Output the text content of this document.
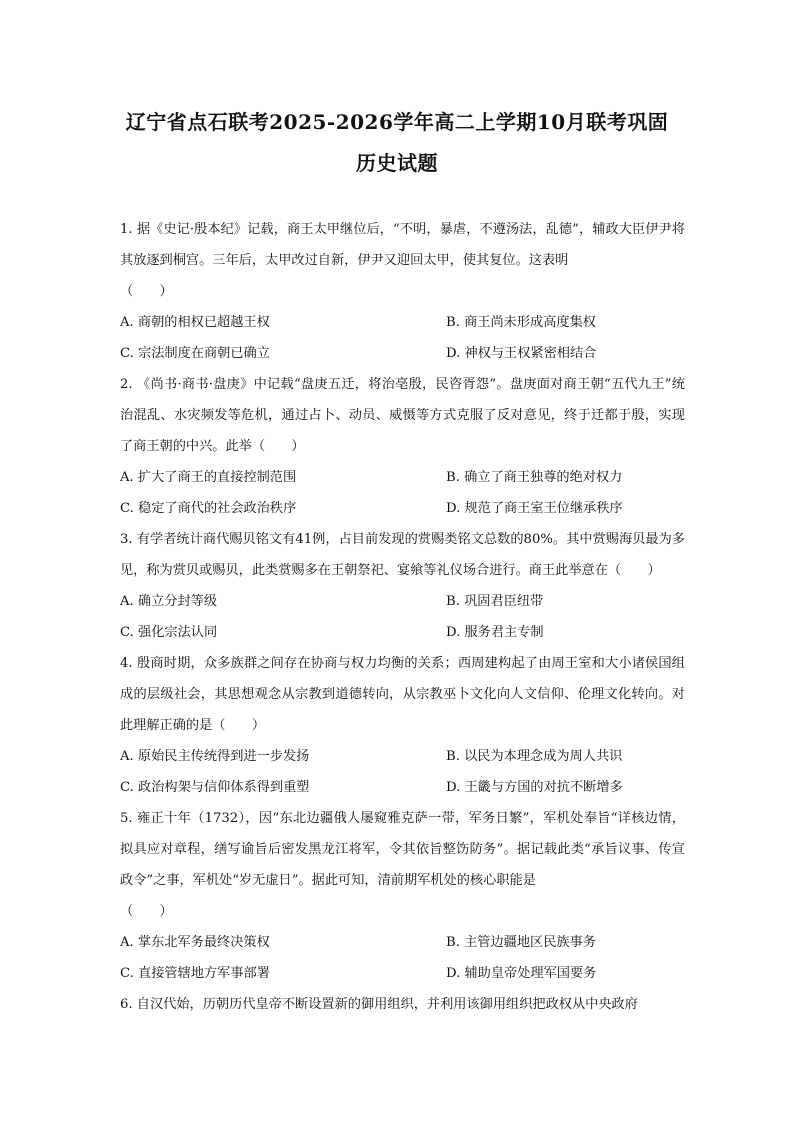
辽宁省点石联考2025-2026学年高二上学期10月联考巩固
历史试题

1. 据《史记·殷本纪》记载，商王太甲继位后，“不明，暴虐，不遵汤法，乱德”，辅政大臣伊尹将其放逐到桐宫。三年后，太甲改过自新，伊尹又迎回太甲，使其复位。这表明

（　　）

A. 商朝的相权已超越王权	B. 商王尚未形成高度集权
C. 宗法制度在商朝已确立	D. 神权与王权紧密相结合

2. 《尚书·商书·盘庚》中记载“盘庚五迁，将治亳殷，民咨胥怨”。盘庚面对商王朝“五代九王”统治混乱、水灾频发等危机，通过占卜、动员、威慑等方式克服了反对意见，终于迁都于殷，实现了商王朝的中兴。此举（　　）

A. 扩大了商王的直接控制范围	B. 确立了商王独尊的绝对权力
C. 稳定了商代的社会政治秩序	D. 规范了商王室王位继承秩序

3. 有学者统计商代赐贝铭文有41例，占目前发现的赏赐类铭文总数的80%。其中赏赐海贝最为多见，称为赏贝或赐贝，此类赏赐多在王朝祭祀、宴飨等礼仪场合进行。商王此举意在（　　）

A. 确立分封等级	B. 巩固君臣纽带
C. 强化宗法认同	D. 服务君主专制

4. 殷商时期，众多族群之间存在协商与权力均衡的关系；西周建构起了由周王室和大小诸侯国组成的层级社会，其思想观念从宗教到道德转向，从宗教巫卜文化向人文信仰、伦理文化转向。对此理解正确的是（　　）

A. 原始民主传统得到进一步发扬	B. 以民为本理念成为周人共识
C. 政治构架与信仰体系得到重塑	D. 王畿与方国的对抗不断增多

5. 雍正十年（1732），因“东北边疆俄人屡窥雅克萨一带，军务日繁”，军机处奉旨“详核边情，拟具应对章程，缮写谕旨后密发黑龙江将军，令其依旨整饬防务”。据记载此类“承旨议事、传宣政令”之事，军机处“岁无虚日”。据此可知，清前期军机处的核心职能是

（　　）

A. 掌东北军务最终决策权	B. 主管边疆地区民族事务
C. 直接管辖地方军事部署	D. 辅助皇帝处理军国要务

6. 自汉代始，历朝历代皇帝不断设置新的御用组织，并利用该御用组织把政权从中央政府
